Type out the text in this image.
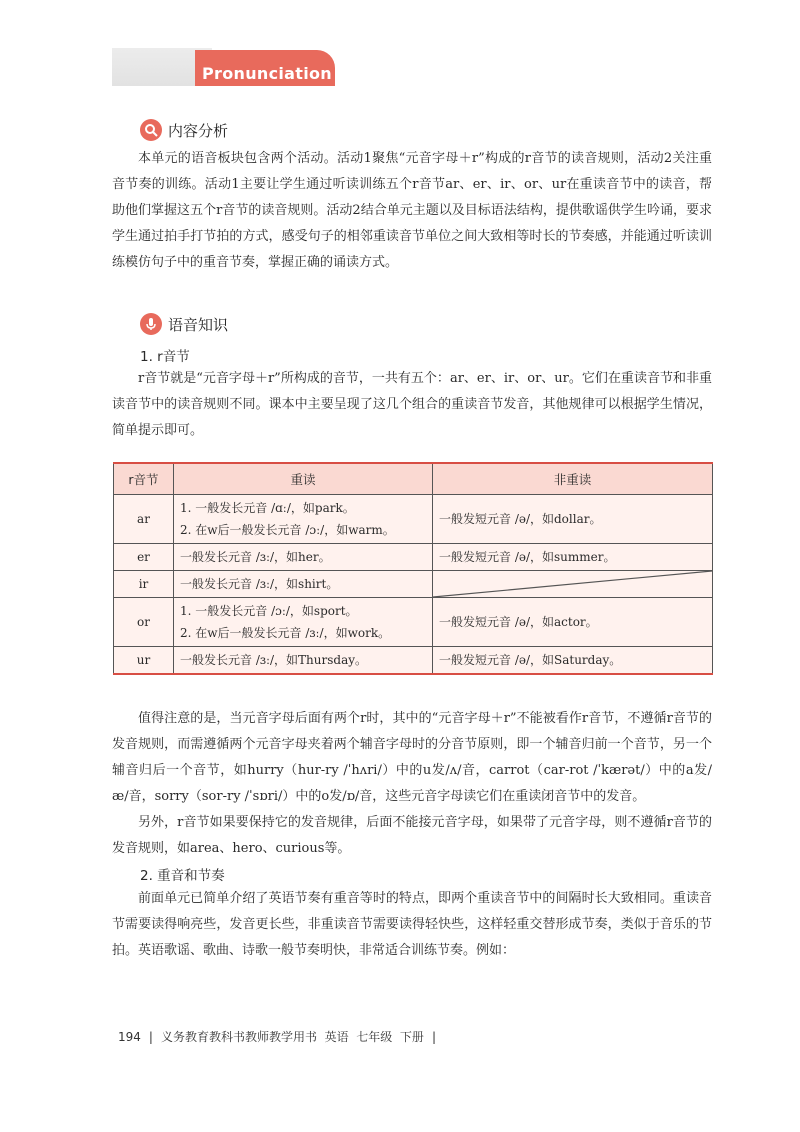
Pronunciation
内容分析

本单元的语音板块包含两个活动。活动1聚焦“元音字母＋r”构成的r音节的读音规则，活动2关注重音节奏的训练。活动1主要让学生通过听读训练五个r音节ar、er、ir、or、ur在重读音节中的读音，帮助他们掌握这五个r音节的读音规则。活动2结合单元主题以及目标语法结构，提供歌谣供学生吟诵，要求学生通过拍手打节拍的方式，感受句子的相邻重读音节单位之间大致相等时长的节奏感，并能通过听读训练模仿句子中的重音节奏，掌握正确的诵读方式。

语音知识
1. r音节

r音节就是“元音字母＋r”所构成的音节，一共有五个：ar、er、ir、or、ur。它们在重读音节和非重读音节中的读音规则不同。课本中主要呈现了这几个组合的重读音节发音，其他规律可以根据学生情况，简单提示即可。

r音节	重读	非重读
ar	1. 一般发长元音 /ɑː/，如park。
2. 在w后一般发长元音 /ɔː/，如warm。	一般发短元音 /ə/，如dollar。
er	一般发长元音 /ɜː/，如her。	一般发短元音 /ə/，如summer。
ir	一般发长元音 /ɜː/，如shirt。

or	1. 一般发长元音 /ɔː/，如sport。
2. 在w后一般发长元音 /ɜː/，如work。	一般发短元音 /ə/，如actor。
ur	一般发长元音 /ɜː/，如Thursday。	一般发短元音 /ə/，如Saturday。

值得注意的是，当元音字母后面有两个r时，其中的“元音字母＋r”不能被看作r音节，不遵循r音节的发音规则，而需遵循两个元音字母夹着两个辅音字母时的分音节原则，即一个辅音归前一个音节，另一个辅音归后一个音节，如hurry（hur-ry /ˈhʌri/）中的u发/ʌ/音，carrot（car-rot /ˈkærət/）中的a发/æ/音，sorry（sor-ry /ˈsɒri/）中的o发/ɒ/音，这些元音字母读它们在重读闭音节中的发音。

另外，r音节如果要保持它的发音规律，后面不能接元音字母，如果带了元音字母，则不遵循r音节的发音规则，如area、hero、curious等。

2. 重音和节奏

前面单元已简单介绍了英语节奏有重音等时的特点，即两个重读音节中的间隔时长大致相同。重读音节需要读得响亮些，发音更长些，非重读音节需要读得轻快些，这样轻重交替形成节奏，类似于音乐的节拍。英语歌谣、歌曲、诗歌一般节奏明快，非常适合训练节奏。例如：

194 | 义务教育教科书教师教学用书 英语 七年级 下册 |
